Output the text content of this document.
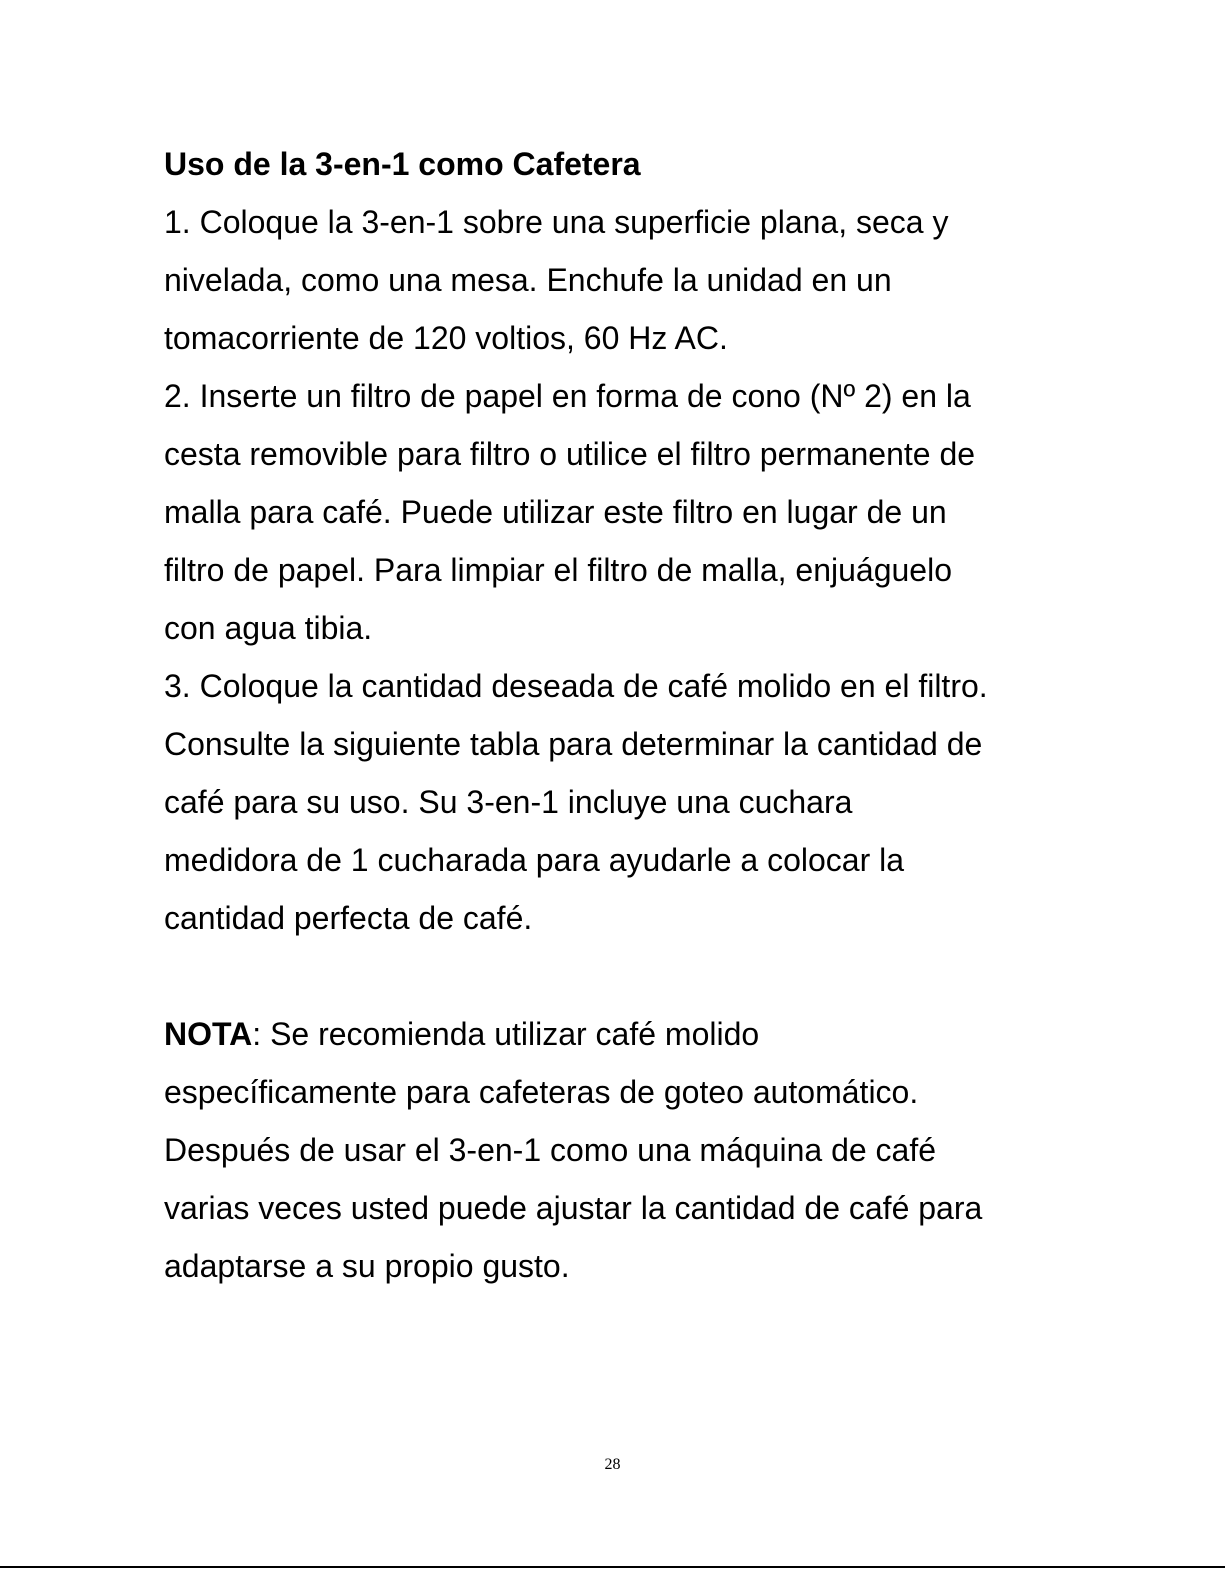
Uso de la 3-en-1 como Cafetera

1. Coloque la 3-en-1 sobre una superficie plana, seca y
nivelada, como una mesa. Enchufe la unidad en un
tomacorriente de 120 voltios, 60 Hz AC.

2. Inserte un filtro de papel en forma de cono (Nº 2) en la
cesta removible para filtro o utilice el filtro permanente de
malla para café. Puede utilizar este filtro en lugar de un
filtro de papel. Para limpiar el filtro de malla, enjuáguelo
con agua tibia.

3. Coloque la cantidad deseada de café molido en el filtro.
Consulte la siguiente tabla para determinar la cantidad de
café para su uso. Su 3-en-1 incluye una cuchara
medidora de 1 cucharada para ayudarle a colocar la
cantidad perfecta de café.

NOTA: Se recomienda utilizar café molido
específicamente para cafeteras de goteo automático.
Después de usar el 3-en-1 como una máquina de café
varias veces usted puede ajustar la cantidad de café para
adaptarse a su propio gusto.

28
